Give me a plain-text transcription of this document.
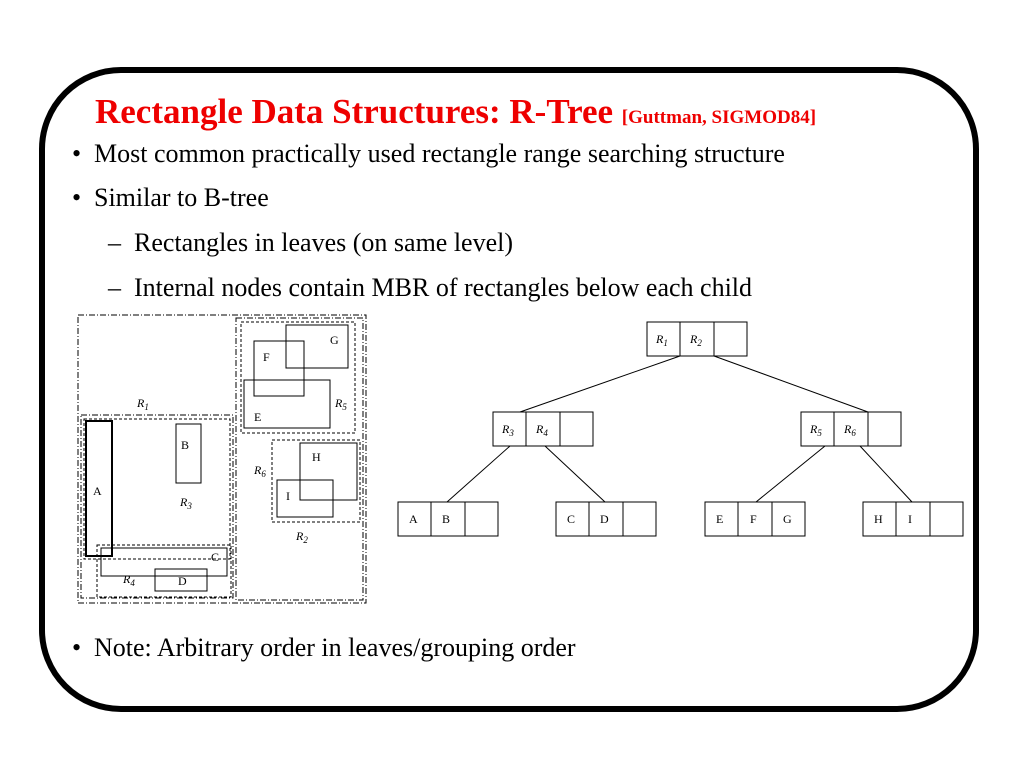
Rectangle Data Structures: R-Tree [Guttman, SIGMOD84]
• Most common practically used rectangle range searching structure
• Similar to B-tree
– Rectangles in leaves (on same level)
– Internal nodes contain MBR of rectangles below each child
• Note: Arbitrary order in leaves/grouping order
A
B
C
D
E
F
G
H
I
$R_1$
$R_2$
$R_3$
$R_4$
$R_5$
$R_6$
$R_1$ $R_2$
$R_3$ $R_4$	$R_5$ $R_6$
A B	C D	E F G	H I
